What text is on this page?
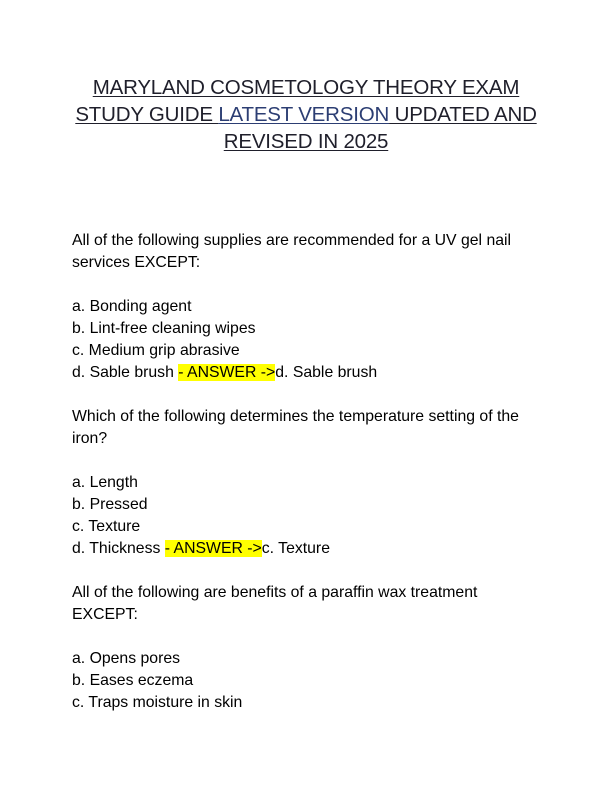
MARYLAND COSMETOLOGY THEORY EXAM
STUDY GUIDE LATEST VERSION UPDATED AND
REVISED IN 2025

All of the following supplies are recommended for a UV gel nail services EXCEPT:

a. Bonding agent

b. Lint-free cleaning wipes

c. Medium grip abrasive

d. Sable brush - ANSWER ->d. Sable brush

Which of the following determines the temperature setting of the iron?

a. Length

b. Pressed

c. Texture

d. Thickness - ANSWER ->c. Texture

All of the following are benefits of a paraffin wax treatment EXCEPT:

a. Opens pores

b. Eases eczema

c. Traps moisture in skin
